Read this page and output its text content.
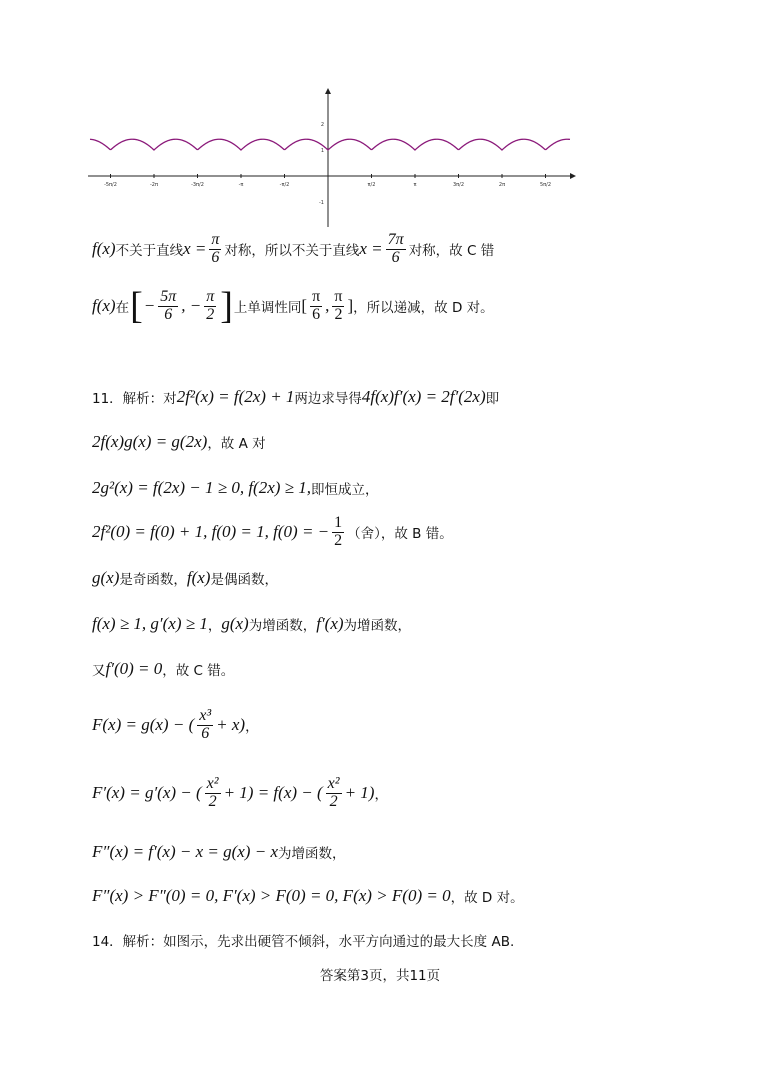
-5π/2	-2π	-3π/2	-π	-π/2	π/2	π	3π/2	2π	5π/2
2
1
-1
f(x) 不关于直线 $x = \frac{\pi}{6}$ 对称，所以不关于直线 $x = \frac{7\pi}{6}$ 对称，故 C 错
f(x) 在 [ − $\frac{5\pi}{6}$ , − $\frac{\pi}{2}$ ] 上单调性同 [ $\frac{\pi}{6}$ , $\frac{\pi}{2}$ ] ，所以递减，故 D 对。
11．解析：对 2f²(x) = f(2x) + 1 两边求导得 4f(x)f′(x) = 2f′(2x) 即
2f(x)g(x) = g(2x) ，故 A 对
2g²(x) = f(2x) − 1 ≥ 0, f(2x) ≥ 1, 即恒成立，
2f²(0) = f(0) + 1, f(0) = 1, f(0) = − $\frac{1}{2}$ （舍），故 B 错。
g(x) 是奇函数， f(x) 是偶函数，
f(x) ≥ 1, g′(x) ≥ 1 ， g(x) 为增函数， f′(x) 为增函数，
又 f′(0) = 0 ，故 C 错。
F(x) = g(x) − ( $\frac{\text{x³}}{6} + x$) ，
F′(x) = g′(x) − ( $\frac{\text{x²}}{2} + 1) = f(x)$ − ( $\frac{\text{x²}}{2} + 1$) ，
F″(x) = f′(x) − x = g(x) − x 为增函数，
F″(x) > F″(0) = 0, F′(x) > F(0) = 0, F(x) > F(0) = 0 ，故 D 对。
14．解析：如图示，先求出硬管不倾斜，水平方向通过的最大长度 AB.
答案第3页，共11页
